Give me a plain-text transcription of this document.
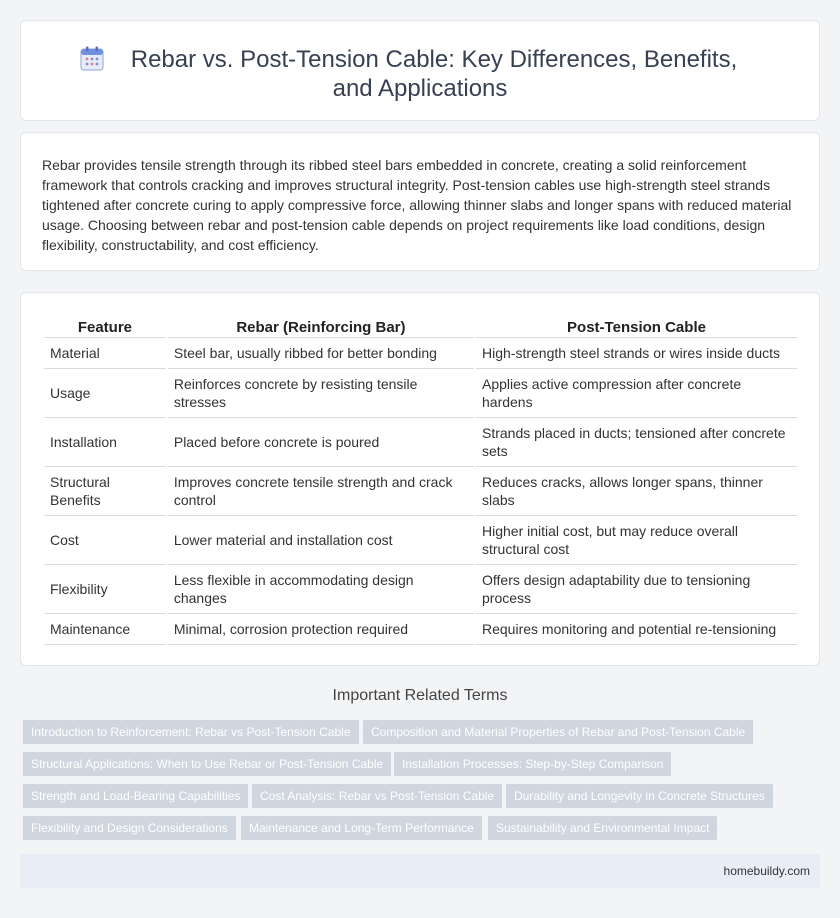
Rebar vs. Post-Tension Cable: Key Differences, Benefits, and Applications

Rebar provides tensile strength through its ribbed steel bars embedded in concrete, creating a solid reinforcement framework that controls cracking and improves structural integrity. Post-tension cables use high-strength steel strands tightened after concrete curing to apply compressive force, allowing thinner slabs and longer spans with reduced material usage. Choosing between rebar and post-tension cable depends on project requirements like load conditions, design flexibility, constructability, and cost efficiency.

Feature	Rebar (Reinforcing Bar)	Post-Tension Cable
Material	Steel bar, usually ribbed for better bonding	High-strength steel strands or wires inside ducts
Usage	Reinforces concrete by resisting tensile stresses	Applies active compression after concrete hardens
Installation	Placed before concrete is poured	Strands placed in ducts; tensioned after concrete sets
Structural Benefits	Improves concrete tensile strength and crack control	Reduces cracks, allows longer spans, thinner slabs
Cost	Lower material and installation cost	Higher initial cost, but may reduce overall structural cost
Flexibility	Less flexible in accommodating design changes	Offers design adaptability due to tensioning process
Maintenance	Minimal, corrosion protection required	Requires monitoring and potential re-tensioning
Important Related Terms
Introduction to Reinforcement: Rebar vs Post-Tension Cable	Composition and Material Properties of Rebar and Post-Tension Cable
Structural Applications: When to Use Rebar or Post-Tension Cable	Installation Processes: Step-by-Step Comparison
Strength and Load-Bearing Capabilities	Cost Analysis: Rebar vs Post-Tension Cable	Durability and Longevity in Concrete Structures
Flexibility and Design Considerations	Maintenance and Long-Term Performance	Sustainability and Environmental Impact
homebuildy.com
